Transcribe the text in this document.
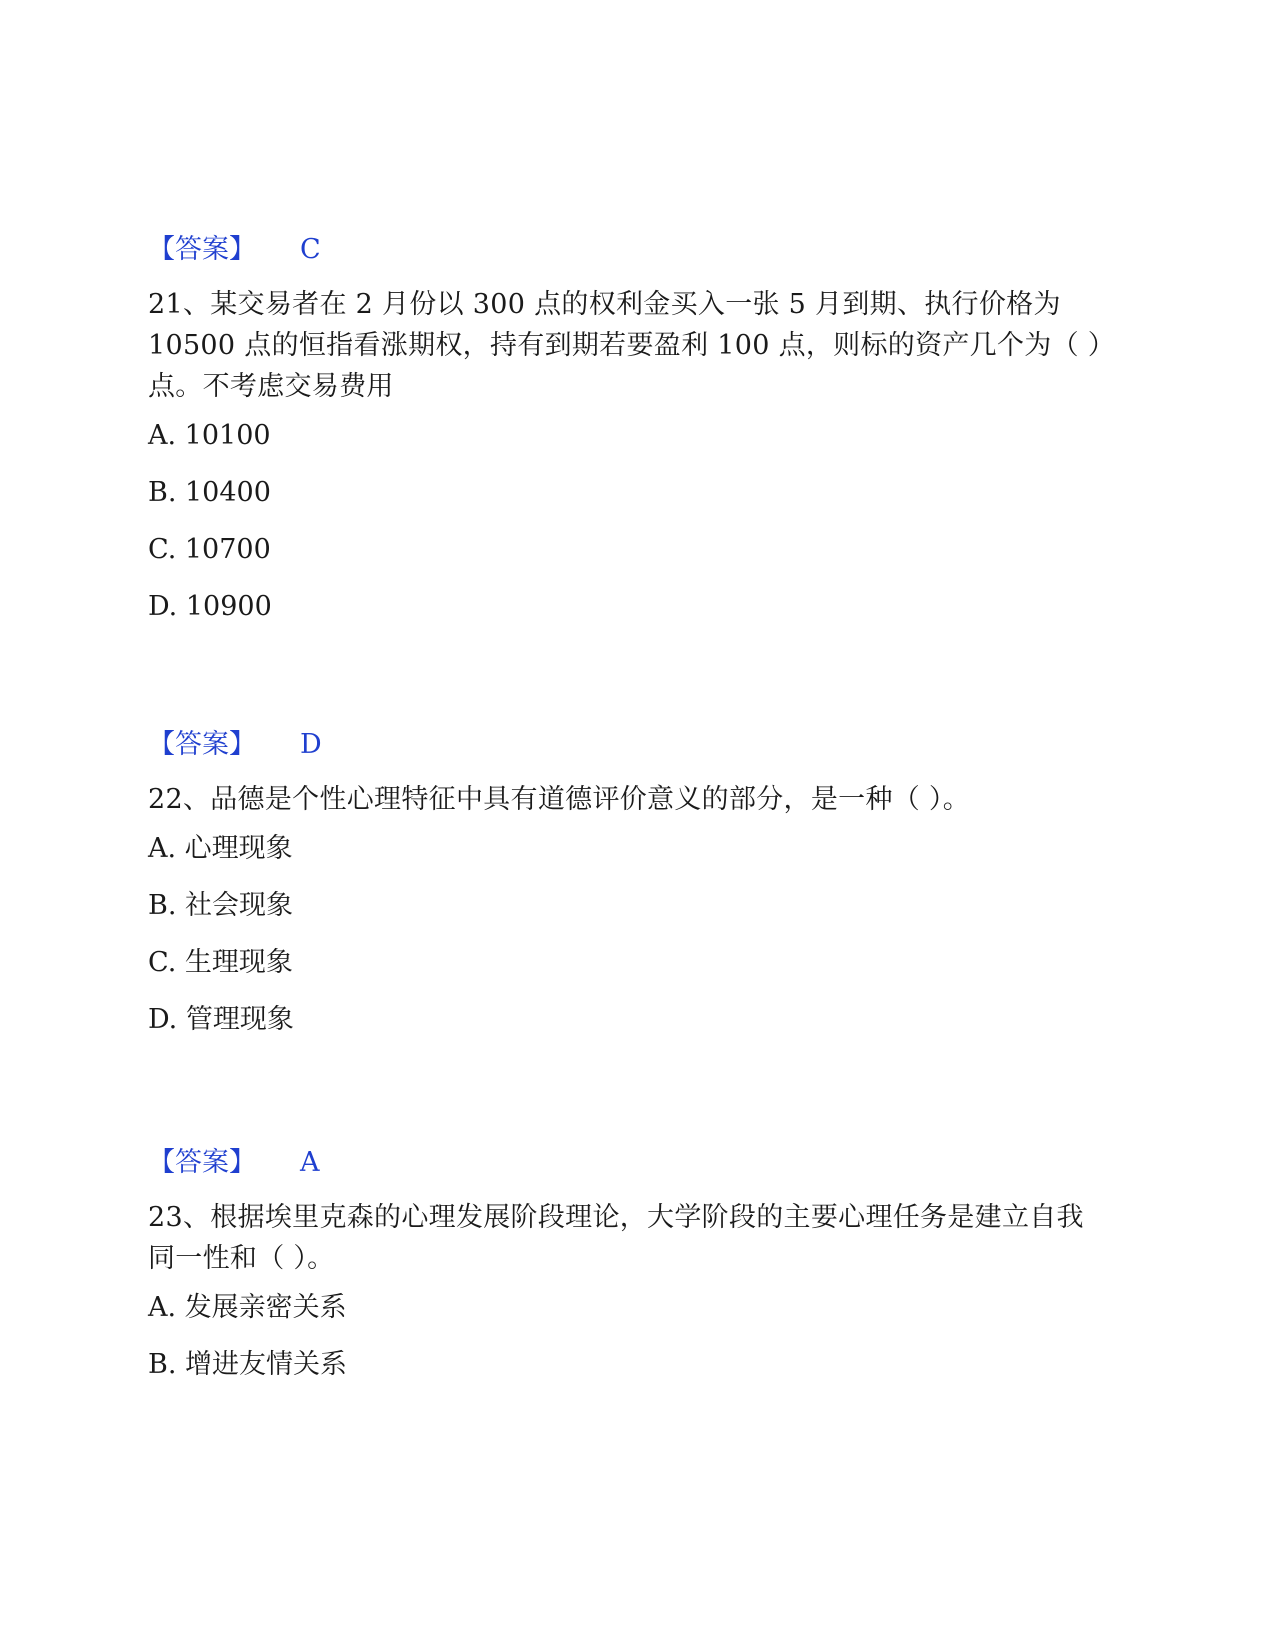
【答案】 C
21、某交易者在 2 月份以 300 点的权利金买入一张 5 月到期、执行价格为 10500 点的恒指看涨期权，持有到期若要盈利 100 点，则标的资产几个为（ ）点。不考虑交易费用
A. 10100
B. 10400
C. 10700
D. 10900
【答案】 D
22、品德是个性心理特征中具有道德评价意义的部分，是一种（ ）。
A. 心理现象
B. 社会现象
C. 生理现象
D. 管理现象
【答案】 A
23、根据埃里克森的心理发展阶段理论，大学阶段的主要心理任务是建立自我同一性和（ ）。
A. 发展亲密关系
B. 增进友情关系
